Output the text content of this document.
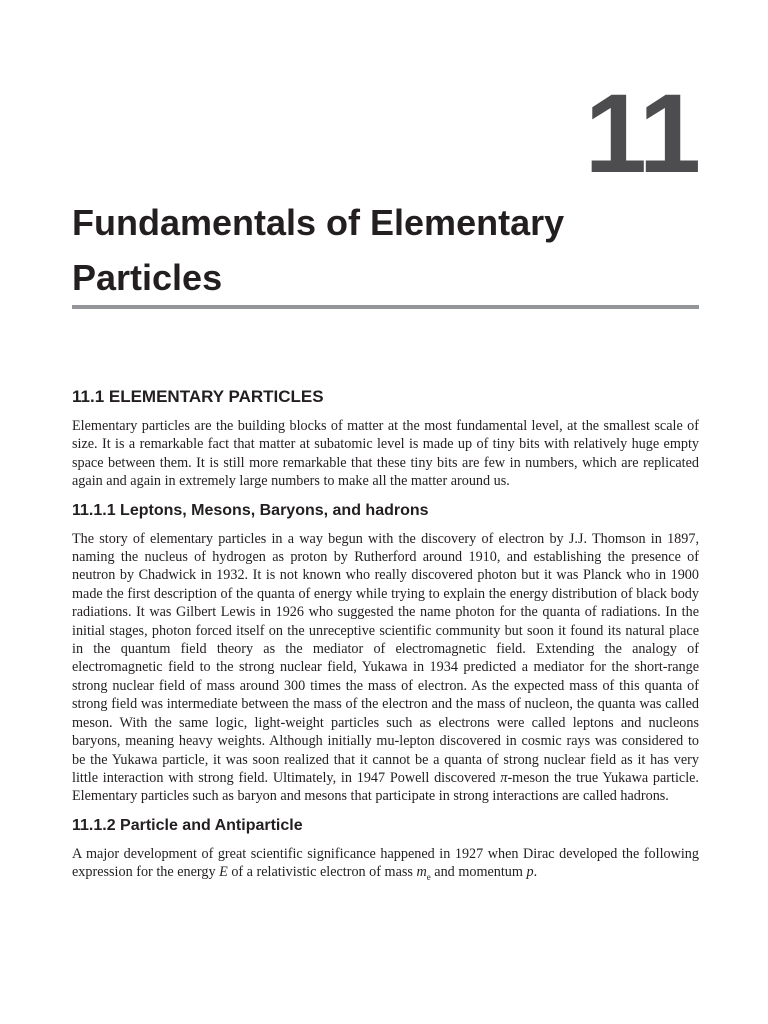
11
Fundamentals of Elementary Particles
11.1 ELEMENTARY PARTICLES

Elementary particles are the building blocks of matter at the most fundamental level, at the smallest scale of size. It is a remarkable fact that matter at subatomic level is made up of tiny bits with relatively huge empty space between them. It is still more remarkable that these tiny bits are few in numbers, which are replicated again and again in extremely large numbers to make all the matter around us.

11.1.1 Leptons, Mesons, Baryons, and hadrons

The story of elementary particles in a way begun with the discovery of electron by J.J. Thomson in 1897, naming the nucleus of hydrogen as proton by Rutherford around 1910, and establishing the presence of neutron by Chadwick in 1932. It is not known who really discovered photon but it was Planck who in 1900 made the first description of the quanta of energy while trying to explain the energy distribution of black body radiations. It was Gilbert Lewis in 1926 who suggested the name photon for the quanta of radiations. In the initial stages, photon forced itself on the unreceptive scientific community but soon it found its natural place in the quantum field theory as the mediator of electromagnetic field. Extending the analogy of electromagnetic field to the strong nuclear field, Yukawa in 1934 predicted a mediator for the short-range strong nuclear field of mass around 300 times the mass of electron. As the expected mass of this quanta of strong field was intermediate between the mass of the electron and the mass of nucleon, the quanta was called meson. With the same logic, light-weight particles such as electrons were called leptons and nucleons baryons, meaning heavy weights. Although initially mu-lepton discovered in cosmic rays was considered to be the Yukawa particle, it was soon realized that it cannot be a quanta of strong nuclear field as it has very little interaction with strong field. Ultimately, in 1947 Powell discovered π-meson the true Yukawa particle. Elementary particles such as baryon and mesons that participate in strong interactions are called hadrons.

11.1.2 Particle and Antiparticle

A major development of great scientific significance happened in 1927 when Dirac developed the following expression for the energy E of a relativistic electron of mass $m_e$ and momentum p.
